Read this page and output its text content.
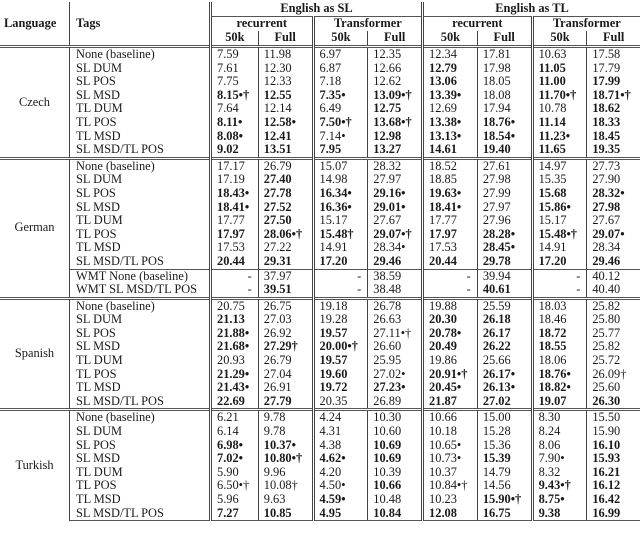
Language	Tags	English as SL				English as TL			
		recurrent		Transformer		recurrent		Transformer	
		50k	Full	50k	Full	50k	Full	50k	Full
Czech	None (baseline)	7.59	11.98	6.97	12.35	12.34	17.81	10.63	17.58
	SL DUM	7.61	12.30	6.87	12.66	12.79	17.98	11.05	17.79
	SL POS	7.75	12.33	7.18	12.62	13.06	18.05	11.00	17.99
	SL MSD	8.15•†	12.55	7.35•	13.09•†	13.39•	18.08	11.70•†	18.71•†
	TL DUM	7.64	12.14	6.49	12.75	12.69	17.94	10.78	18.62
	TL POS	8.11•	12.58•	7.50•†	13.68•†	13.38•	18.76•	11.14	18.33
	TL MSD	8.08•	12.41	7.14•	12.98	13.13•	18.54•	11.23•	18.45
	SL MSD/TL POS	9.02	13.51	7.95	13.27	14.61	19.40	11.65	19.35
German	None (baseline)	17.17	26.79	15.07	28.32	18.52	27.61	14.97	27.73
	SL DUM	17.19	27.40	14.98	27.97	18.85	27.98	15.35	27.90
	SL POS	18.43•	27.78	16.34•	29.16•	19.63•	27.99	15.68	28.32•
	SL MSD	18.41•	27.52	16.36•	29.01•	18.41•	27.97	15.86•	27.98
	TL DUM	17.77	27.50	15.17	27.67	17.77	27.96	15.17	27.67
	TL POS	17.97	28.06•†	15.48†	29.07•†	17.97	28.28•	15.48•†	29.07•
	TL MSD	17.53	27.22	14.91	28.34•	17.53	28.45•	14.91	28.34
	SL MSD/TL POS	20.44	29.31	17.20	29.46	20.44	29.78	17.20	29.46
	WMT None (baseline)	-	37.97	-	38.59	-	39.94	-	40.12
	WMT SL MSD/TL POS	-	39.51	-	38.48	-	40.61	-	40.40
Spanish	None (baseline)	20.75	26.75	19.18	26.78	19.88	25.59	18.03	25.82
	SL DUM	21.13	27.03	19.28	26.63	20.30	26.18	18.46	25.80
	SL POS	21.88•	26.92	19.57	27.11•†	20.78•	26.17	18.72	25.77
	SL MSD	21.68•	27.29†	20.00•†	26.60	20.49	26.22	18.55	25.82
	TL DUM	20.93	26.79	19.57	25.95	19.86	25.66	18.06	25.72
	TL POS	21.29•	27.04	19.60	27.02•	20.91•†	26.17•	18.76•	26.09†
	TL MSD	21.43•	26.91	19.72	27.23•	20.45•	26.13•	18.82•	25.60
	SL MSD/TL POS	22.69	27.79	20.35	26.89	21.87	27.02	19.07	26.30
Turkish	None (baseline)	6.21	9.78	4.24	10.30	10.66	15.00	8.30	15.50
	SL DUM	6.14	9.78	4.31	10.60	10.18	15.28	8.24	15.90
	SL POS	6.98•	10.37•	4.38	10.69	10.65•	15.36	8.06	16.10
	SL MSD	7.02•	10.80•†	4.62•	10.69	10.73•	15.39	7.90•	15.93
	TL DUM	5.90	9.96	4.20	10.39	10.37	14.79	8.32	16.21
	TL POS	6.50•†	10.08†	4.50•	10.66	10.84•†	14.56	9.43•†	16.12
	TL MSD	5.96	9.63	4.59•	10.48	10.23	15.90•†	8.75•	16.42
	SL MSD/TL POS	7.27	10.85	4.95	10.84	12.08	16.75	9.38	16.99
